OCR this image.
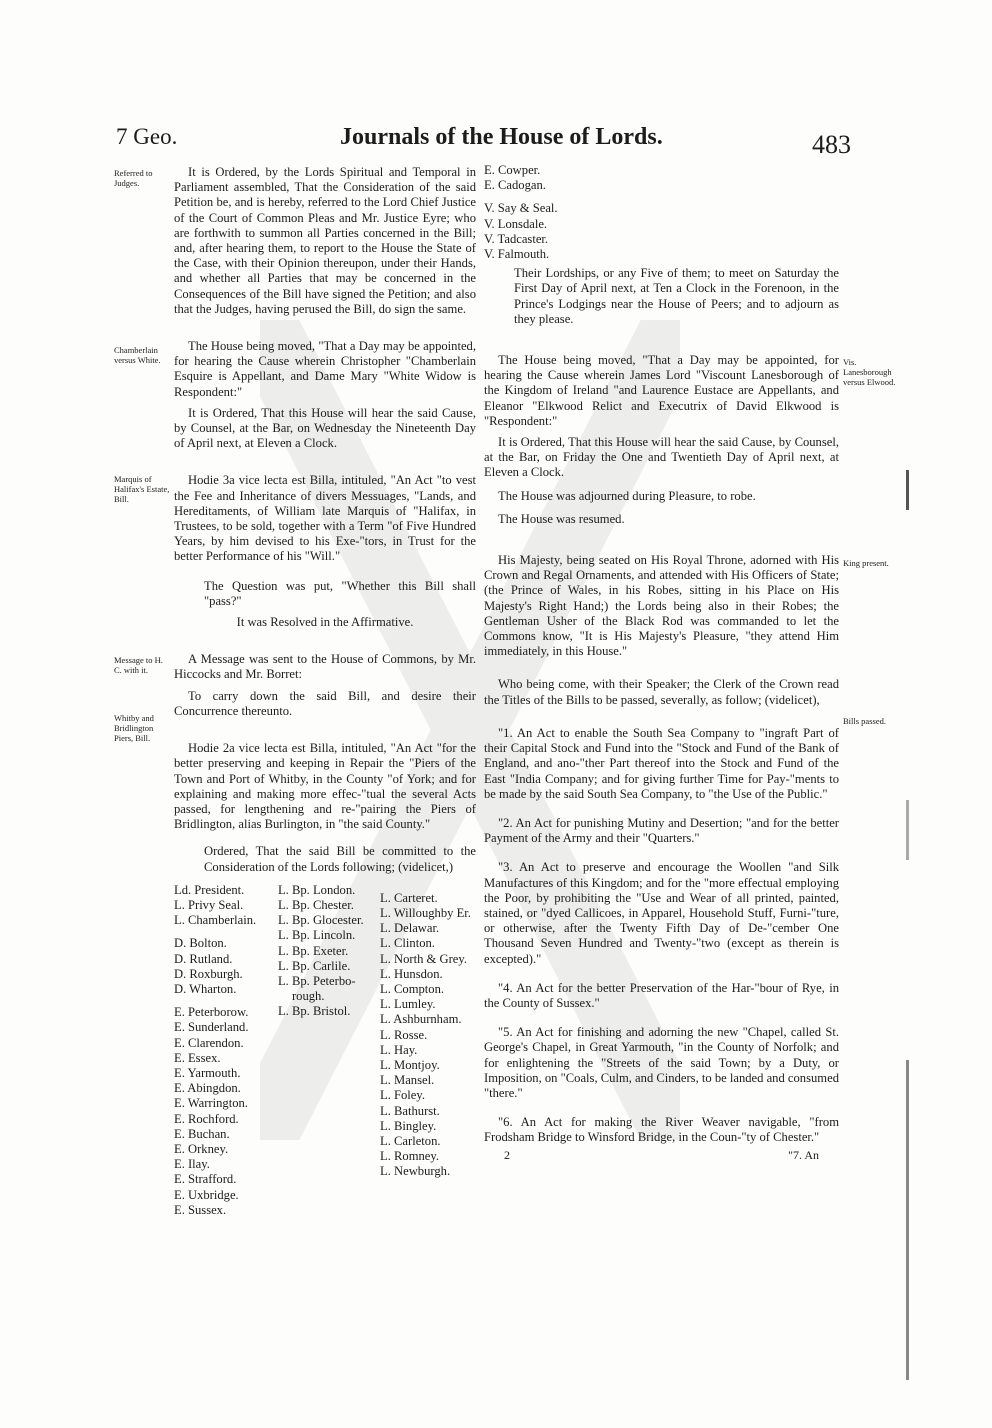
7 Geo.	Journals of the House of Lords.	483
Referred to Judges.
Chamberlain versus White.
Marquis of Halifax's Estate, Bill.
Message to H. C. with it.
Whitby and Bridlington Piers, Bill.
Vis. Lanesborough versus Elwood.
King present.
Bills passed.

It is Ordered, by the Lords Spiritual and Temporal in Parliament assembled, That the Consideration of the said Petition be, and is hereby, referred to the Lord Chief Justice of the Court of Common Pleas and Mr. Justice Eyre; who are forthwith to summon all Parties concerned in the Bill; and, after hearing them, to report to the House the State of the Case, with their Opinion thereupon, under their Hands, and whether all Parties that may be concerned in the Consequences of the Bill have signed the Petition; and also that the Judges, having perused the Bill, do sign the same.

The House being moved, "That a Day may be appointed, for hearing the Cause wherein Christopher "Chamberlain Esquire is Appellant, and Dame Mary "White Widow is Respondent:"

It is Ordered, That this House will hear the said Cause, by Counsel, at the Bar, on Wednesday the Nineteenth Day of April next, at Eleven a Clock.

Hodie 3a vice lecta est Billa, intituled, "An Act "to vest the Fee and Inheritance of divers Messuages, "Lands, and Hereditaments, of William late Marquis of "Halifax, in Trustees, to be sold, together with a Term "of Five Hundred Years, by him devised to his Exe-"tors, in Trust for the better Performance of his "Will."

The Question was put, "Whether this Bill shall "pass?"

It was Resolved in the Affirmative.

A Message was sent to the House of Commons, by Mr. Hiccocks and Mr. Borret:

To carry down the said Bill, and desire their Concurrence thereunto.

Hodie 2a vice lecta est Billa, intituled, "An Act "for the better preserving and keeping in Repair the "Piers of the Town and Port of Whitby, in the County "of York; and for explaining and making more effec-"tual the several Acts passed, for lengthening and re-"pairing the Piers of Bridlington, alias Burlington, in "the said County."

Ordered, That the said Bill be committed to the Consideration of the Lords following; (videlicet,)

Ld. President.
L. Privy Seal.
L. Chamberlain.
D. Bolton.
D. Rutland.
D. Roxburgh.
D. Wharton.
E. Peterborow.
E. Sunderland.
E. Clarendon.
E. Essex.
E. Yarmouth.
E. Abingdon.
E. Warrington.
E. Rochford.
E. Buchan.
E. Orkney.
E. Ilay.
E. Strafford.
E. Uxbridge.
E. Sussex.
L. Bp. London.
L. Bp. Chester.
L. Bp. Glocester.
L. Bp. Lincoln.
L. Bp. Exeter.
L. Bp. Carlile.
L. Bp. Peterbo-
rough.
L. Bp. Bristol.
L. Carteret.
L. Willoughby Er.
L. Delawar.
L. Clinton.
L. North & Grey.
L. Hunsdon.
L. Compton.
L. Lumley.
L. Ashburnham.
L. Rosse.
L. Hay.
L. Montjoy.
L. Mansel.
L. Foley.
L. Bathurst.
L. Bingley.
L. Carleton.
L. Romney.
L. Newburgh.
E. Cowper.
E. Cadogan.
V. Say & Seal.
V. Lonsdale.
V. Tadcaster.
V. Falmouth.

Their Lordships, or any Five of them; to meet on Saturday the First Day of April next, at Ten a Clock in the Forenoon, in the Prince's Lodgings near the House of Peers; and to adjourn as they please.

The House being moved, "That a Day may be appointed, for hearing the Cause wherein James Lord "Viscount Lanesborough of the Kingdom of Ireland "and Laurence Eustace are Appellants, and Eleanor "Elkwood Relict and Executrix of David Elkwood is "Respondent:"

It is Ordered, That this House will hear the said Cause, by Counsel, at the Bar, on Friday the One and Twentieth Day of April next, at Eleven a Clock.

The House was adjourned during Pleasure, to robe.

The House was resumed.

His Majesty, being seated on His Royal Throne, adorned with His Crown and Regal Ornaments, and attended with His Officers of State; (the Prince of Wales, in his Robes, sitting in his Place on His Majesty's Right Hand;) the Lords being also in their Robes; the Gentleman Usher of the Black Rod was commanded to let the Commons know, "It is His Majesty's Pleasure, "they attend Him immediately, in this House."

Who being come, with their Speaker; the Clerk of the Crown read the Titles of the Bills to be passed, severally, as follow; (videlicet),

"1. An Act to enable the South Sea Company to "ingraft Part of their Capital Stock and Fund into the "Stock and Fund of the Bank of England, and ano-"ther Part thereof into the Stock and Fund of the East "India Company; and for giving further Time for Pay-"ments to be made by the said South Sea Company, to "the Use of the Public."

"2. An Act for punishing Mutiny and Desertion; "and for the better Payment of the Army and their "Quarters."

"3. An Act to preserve and encourage the Woollen "and Silk Manufactures of this Kingdom; and for the "more effectual employing the Poor, by prohibiting the "Use and Wear of all printed, painted, stained, or "dyed Callicoes, in Apparel, Household Stuff, Furni-"ture, or otherwise, after the Twenty Fifth Day of De-"cember One Thousand Seven Hundred and Twenty-"two (except as therein is excepted)."

"4. An Act for the better Preservation of the Har-"bour of Rye, in the County of Sussex."

"5. An Act for finishing and adorning the new "Chapel, called St. George's Chapel, in Great Yarmouth, "in the County of Norfolk; and for enlightening the "Streets of the said Town; by a Duty, or Imposition, on "Coals, Culm, and Cinders, to be landed and consumed "there."

"6. An Act for making the River Weaver navigable, "from Frodsham Bridge to Winsford Bridge, in the Coun-"ty of Chester."

2	"7. An
